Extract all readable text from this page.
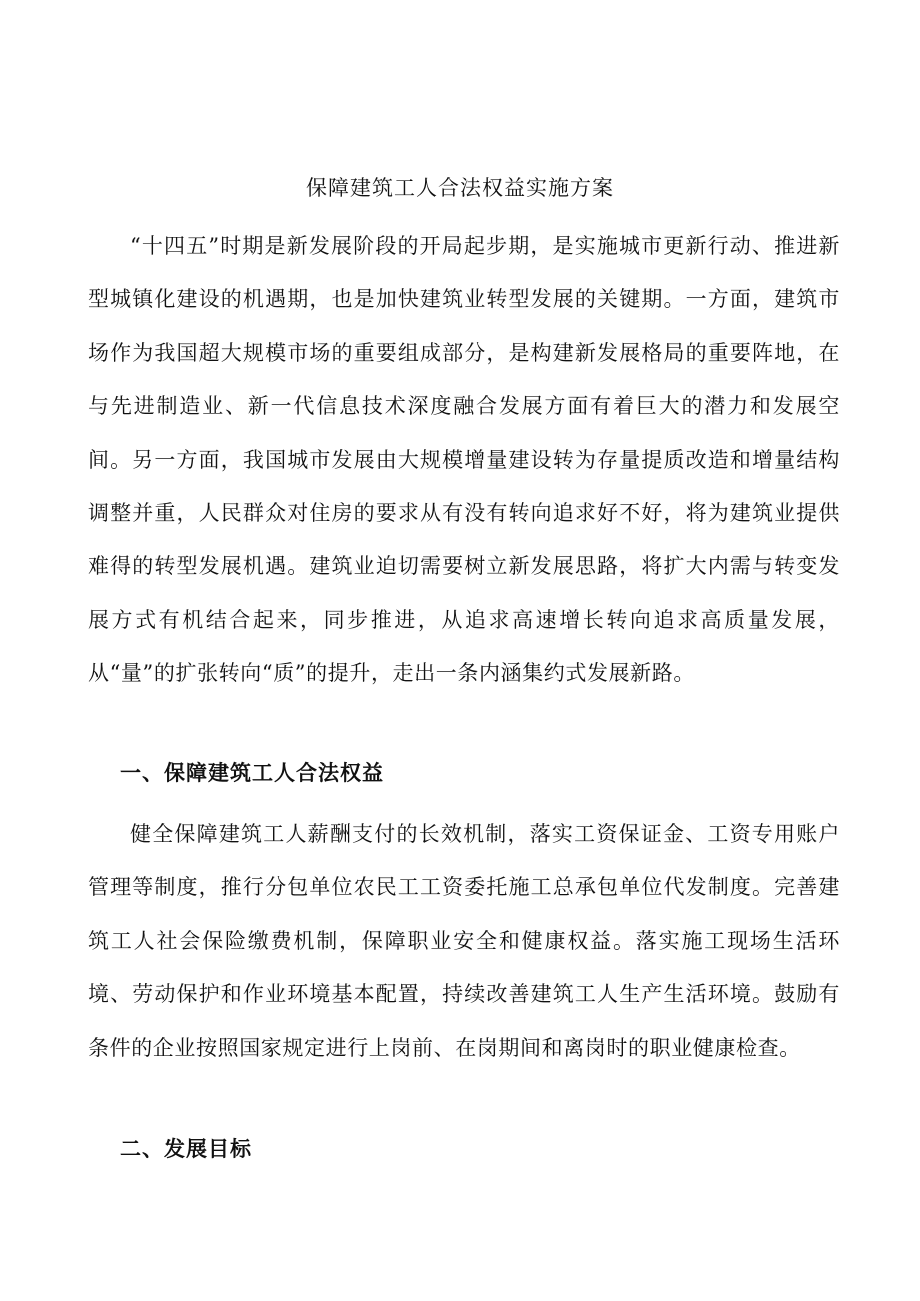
保障建筑工人合法权益实施方案

“十四五”时期是新发展阶段的开局起步期，是实施城市更新行动、推进新型城镇化建设的机遇期，也是加快建筑业转型发展的关键期。一方面，建筑市场作为我国超大规模市场的重要组成部分，是构建新发展格局的重要阵地，在与先进制造业、新一代信息技术深度融合发展方面有着巨大的潜力和发展空间。另一方面，我国城市发展由大规模增量建设转为存量提质改造和增量结构调整并重，人民群众对住房的要求从有没有转向追求好不好，将为建筑业提供难得的转型发展机遇。建筑业迫切需要树立新发展思路，将扩大内需与转变发展方式有机结合起来，同步推进，从追求高速增长转向追求高质量发展，从“量”的扩张转向“质”的提升，走出一条内涵集约式发展新路。

一、保障建筑工人合法权益

健全保障建筑工人薪酬支付的长效机制，落实工资保证金、工资专用账户管理等制度，推行分包单位农民工工资委托施工总承包单位代发制度。完善建筑工人社会保险缴费机制，保障职业安全和健康权益。落实施工现场生活环境、劳动保护和作业环境基本配置，持续改善建筑工人生产生活环境。鼓励有条件的企业按照国家规定进行上岗前、在岗期间和离岗时的职业健康检查。

二、发展目标
